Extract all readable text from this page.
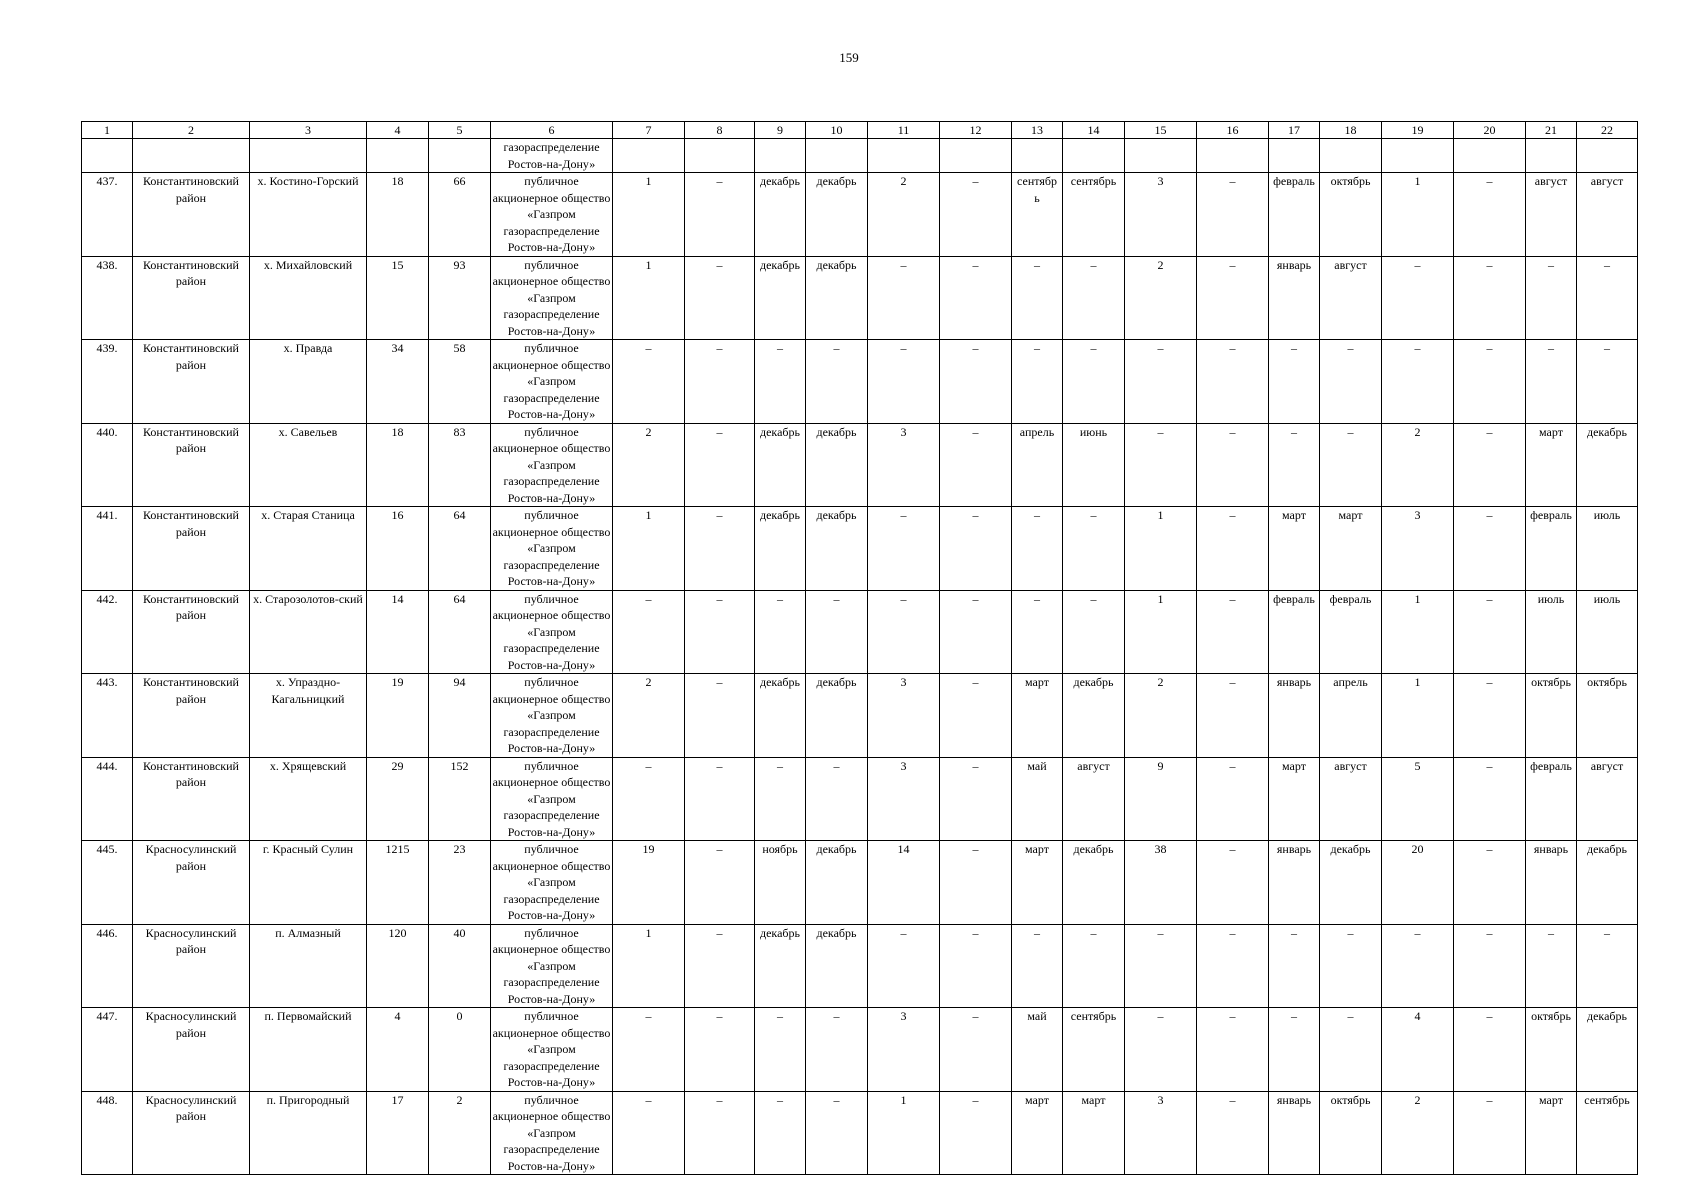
159
1	2	3	4	5	6	7	8	9	10	11	12	13	14	15	16	17	18	19	20	21	22
					газораспределение Ростов-на-Дону»																
437.	Константиновский район	х. Костино-Горский	18	66	публичное акционерное общество «Газпром газораспределение Ростов-на-Дону»	1	–	декабрь	декабрь	2	–	сентябр ь	сентябрь	3	–	февраль	октябрь	1	–	август	август
438.	Константиновский район	х. Михайловский	15	93	публичное акционерное общество «Газпром газораспределение Ростов-на-Дону»	1	–	декабрь	декабрь	–	–	–	–	2	–	январь	август	–	–	–	–
439.	Константиновский район	х. Правда	34	58	публичное акционерное общество «Газпром газораспределение Ростов-на-Дону»	–	–	–	–	–	–	–	–	–	–	–	–	–	–	–	–
440.	Константиновский район	х. Савельев	18	83	публичное акционерное общество «Газпром газораспределение Ростов-на-Дону»	2	–	декабрь	декабрь	3	–	апрель	июнь	–	–	–	–	2	–	март	декабрь
441.	Константиновский район	х. Старая Станица	16	64	публичное акционерное общество «Газпром газораспределение Ростов-на-Дону»	1	–	декабрь	декабрь	–	–	–	–	1	–	март	март	3	–	февраль	июль
442.	Константиновский район	х. Старозолотов-ский	14	64	публичное акционерное общество «Газпром газораспределение Ростов-на-Дону»	–	–	–	–	–	–	–	–	1	–	февраль	февраль	1	–	июль	июль
443.	Константиновский район	х. Упраздно-Кагальницкий	19	94	публичное акционерное общество «Газпром газораспределение Ростов-на-Дону»	2	–	декабрь	декабрь	3	–	март	декабрь	2	–	январь	апрель	1	–	октябрь	октябрь
444.	Константиновский район	х. Хрящевский	29	152	публичное акционерное общество «Газпром газораспределение Ростов-на-Дону»	–	–	–	–	3	–	май	август	9	–	март	август	5	–	февраль	август
445.	Красносулинский район	г. Красный Сулин	1215	23	публичное акционерное общество «Газпром газораспределение Ростов-на-Дону»	19	–	ноябрь	декабрь	14	–	март	декабрь	38	–	январь	декабрь	20	–	январь	декабрь
446.	Красносулинский район	п. Алмазный	120	40	публичное акционерное общество «Газпром газораспределение Ростов-на-Дону»	1	–	декабрь	декабрь	–	–	–	–	–	–	–	–	–	–	–	–
447.	Красносулинский район	п. Первомайский	4	0	публичное акционерное общество «Газпром газораспределение Ростов-на-Дону»	–	–	–	–	3	–	май	сентябрь	–	–	–	–	4	–	октябрь	декабрь
448.	Красносулинский район	п. Пригородный	17	2	публичное акционерное общество «Газпром газораспределение Ростов-на-Дону»	–	–	–	–	1	–	март	март	3	–	январь	октябрь	2	–	март	сентябрь
